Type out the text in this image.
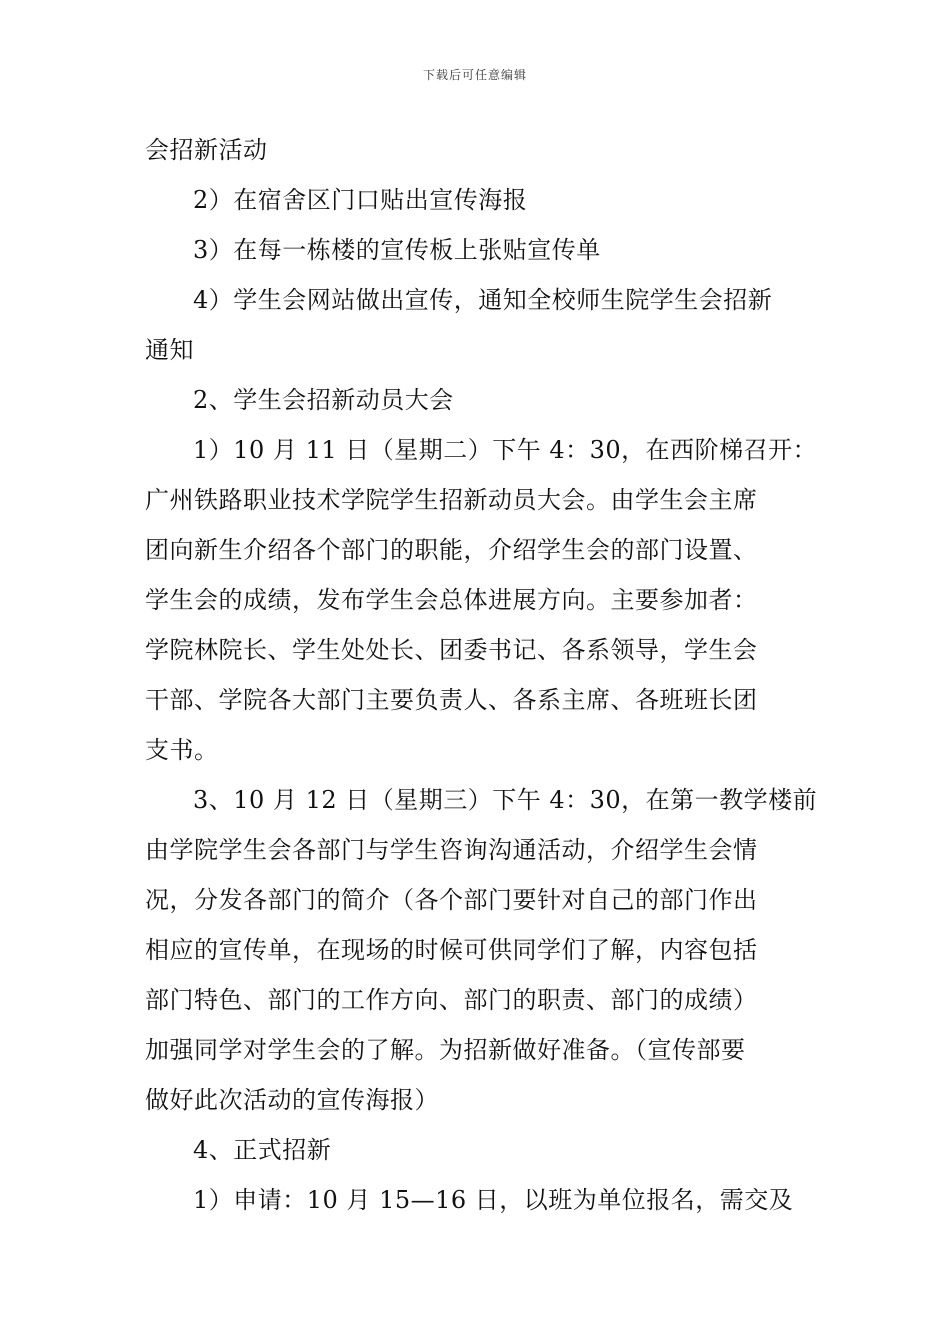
下载后可任意编辑
会招新活动
2）在宿舍区门口贴出宣传海报
3）在每一栋楼的宣传板上张贴宣传单
4）学生会网站做出宣传，通知全校师生院学生会招新
通知
2、学生会招新动员大会
1）10 月 11 日（星期二）下午 4：30，在西阶梯召开：
广州铁路职业技术学院学生招新动员大会。由学生会主席
团向新生介绍各个部门的职能，介绍学生会的部门设置、
学生会的成绩，发布学生会总体进展方向。主要参加者：
学院林院长、学生处处长、团委书记、各系领导，学生会
干部、学院各大部门主要负责人、各系主席、各班班长团
支书。
3、10 月 12 日（星期三）下午 4：30，在第一教学楼前
由学院学生会各部门与学生咨询沟通活动，介绍学生会情
况，分发各部门的简介（各个部门要针对自己的部门作出
相应的宣传单，在现场的时候可供同学们了解，内容包括
部门特色、部门的工作方向、部门的职责、部门的成绩）
加强同学对学生会的了解。为招新做好准备。（宣传部要
做好此次活动的宣传海报）
4、正式招新
1）申请：10 月 15—16 日，以班为单位报名，需交及
